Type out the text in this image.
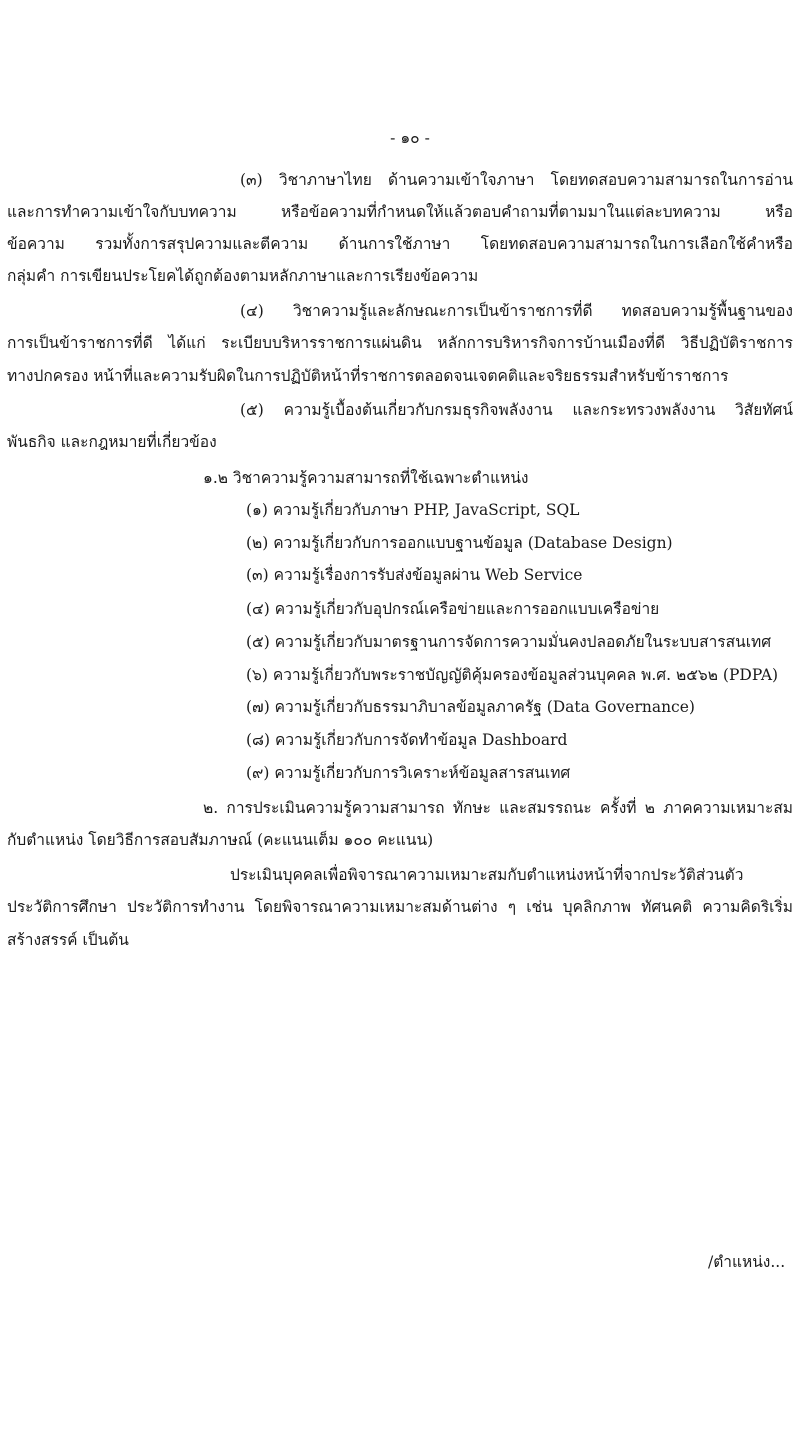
- ๑๐ -
(๓) วิชาภาษาไทย ด้านความเข้าใจภาษา โดยทดสอบความสามารถในการอ่าน
และการทำความเข้าใจกับบทความ หรือข้อความที่กำหนดให้แล้วตอบคำถามที่ตามมาในแต่ละบทความ หรือ
ข้อความ รวมทั้งการสรุปความและตีความ ด้านการใช้ภาษา โดยทดสอบความสามารถในการเลือกใช้คำหรือ
กลุ่มคำ การเขียนประโยคได้ถูกต้องตามหลักภาษาและการเรียงข้อความ
(๔) วิชาความรู้และลักษณะการเป็นข้าราชการที่ดี ทดสอบความรู้พื้นฐานของ
การเป็นข้าราชการที่ดี ได้แก่ ระเบียบบริหารราชการแผ่นดิน หลักการบริหารกิจการบ้านเมืองที่ดี วิธีปฏิบัติราชการ
ทางปกครอง หน้าที่และความรับผิดในการปฏิบัติหน้าที่ราชการตลอดจนเจตคติและจริยธรรมสำหรับข้าราชการ
(๕) ความรู้เบื้องต้นเกี่ยวกับกรมธุรกิจพลังงาน และกระทรวงพลังงาน วิสัยทัศน์
พันธกิจ และกฎหมายที่เกี่ยวข้อง
๑.๒ วิชาความรู้ความสามารถที่ใช้เฉพาะตำแหน่ง
(๑) ความรู้เกี่ยวกับภาษา PHP, JavaScript, SQL
(๒) ความรู้เกี่ยวกับการออกแบบฐานข้อมูล (Database Design)
(๓) ความรู้เรื่องการรับส่งข้อมูลผ่าน Web Service
(๔) ความรู้เกี่ยวกับอุปกรณ์เครือข่ายและการออกแบบเครือข่าย
(๕) ความรู้เกี่ยวกับมาตรฐานการจัดการความมั่นคงปลอดภัยในระบบสารสนเทศ
(๖) ความรู้เกี่ยวกับพระราชบัญญัติคุ้มครองข้อมูลส่วนบุคคล พ.ศ. ๒๕๖๒ (PDPA)
(๗) ความรู้เกี่ยวกับธรรมาภิบาลข้อมูลภาครัฐ (Data Governance)
(๘) ความรู้เกี่ยวกับการจัดทำข้อมูล Dashboard
(๙) ความรู้เกี่ยวกับการวิเคราะห์ข้อมูลสารสนเทศ
๒. การประเมินความรู้ความสามารถ ทักษะ และสมรรถนะ ครั้งที่ ๒ ภาคความเหมาะสม
กับตำแหน่ง โดยวิธีการสอบสัมภาษณ์ (คะแนนเต็ม ๑๐๐ คะแนน)
ประเมินบุคคลเพื่อพิจารณาความเหมาะสมกับตำแหน่งหน้าที่จากประวัติส่วนตัว
ประวัติการศึกษา ประวัติการทำงาน โดยพิจารณาความเหมาะสมด้านต่าง ๆ เช่น บุคลิกภาพ ทัศนคติ ความคิดริเริ่ม
สร้างสรรค์ เป็นต้น
/ตำแหน่ง...
